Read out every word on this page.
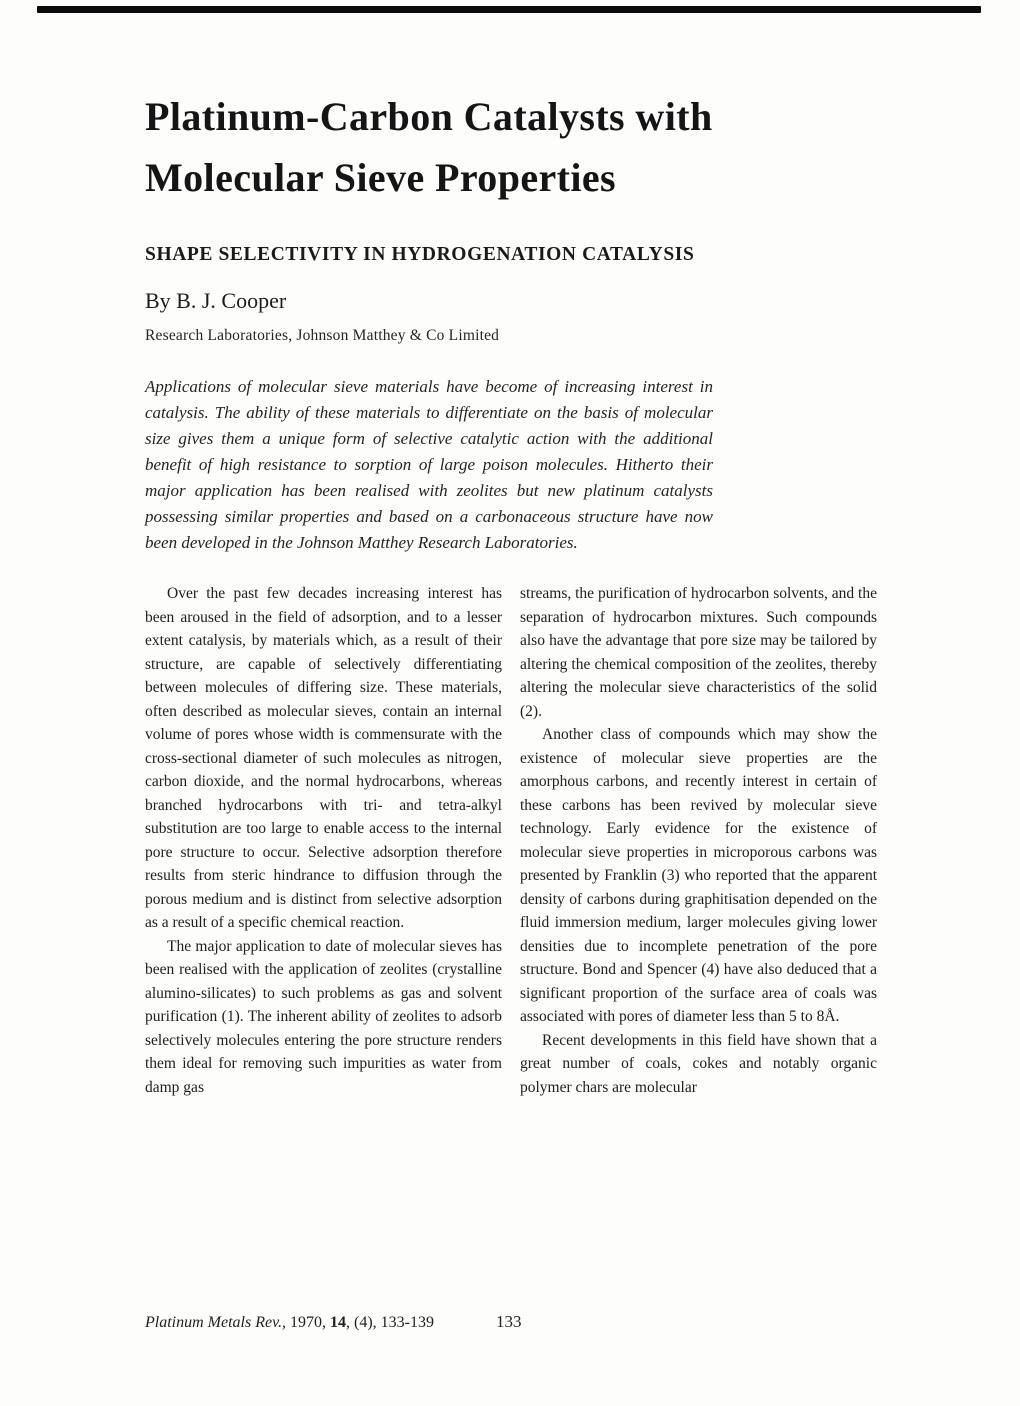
Platinum-Carbon Catalysts with
Molecular Sieve Properties
SHAPE SELECTIVITY IN HYDROGENATION CATALYSIS
By B. J. Cooper
Research Laboratories, Johnson Matthey & Co Limited
Applications of molecular sieve materials have become of increasing interest in catalysis. The ability of these materials to differentiate on the basis of molecular size gives them a unique form of selective catalytic action with the additional benefit of high resistance to sorption of large poison molecules. Hitherto their major application has been realised with zeolites but new platinum catalysts possessing similar properties and based on a carbonaceous structure have now been developed in the Johnson Matthey Research Laboratories.

Over the past few decades increasing interest has been aroused in the field of adsorption, and to a lesser extent catalysis, by materials which, as a result of their structure, are capable of selectively differentiating between molecules of differing size. These materials, often described as molecular sieves, contain an internal volume of pores whose width is commensurate with the cross-sectional diameter of such molecules as nitrogen, carbon dioxide, and the normal hydrocarbons, whereas branched hydrocarbons with tri- and tetra-alkyl substitution are too large to enable access to the internal pore structure to occur. Selective adsorption therefore results from steric hindrance to diffusion through the porous medium and is distinct from selective adsorption as a result of a specific chemical reaction.

The major application to date of molecular sieves has been realised with the application of zeolites (crystalline alumino-silicates) to such problems as gas and solvent purification (1). The inherent ability of zeolites to adsorb selectively molecules entering the pore structure renders them ideal for removing such impurities as water from damp gas

streams, the purification of hydrocarbon solvents, and the separation of hydrocarbon mixtures. Such compounds also have the advantage that pore size may be tailored by altering the chemical composition of the zeolites, thereby altering the molecular sieve characteristics of the solid (2).

Another class of compounds which may show the existence of molecular sieve properties are the amorphous carbons, and recently interest in certain of these carbons has been revived by molecular sieve technology. Early evidence for the existence of molecular sieve properties in microporous carbons was presented by Franklin (3) who reported that the apparent density of carbons during graphitisation depended on the fluid immersion medium, larger molecules giving lower densities due to incomplete penetration of the pore structure. Bond and Spencer (4) have also deduced that a significant proportion of the surface area of coals was associated with pores of diameter less than 5 to 8Å.

Recent developments in this field have shown that a great number of coals, cokes and notably organic polymer chars are molecular

Platinum Metals Rev., 1970, 14, (4), 133-139	133
